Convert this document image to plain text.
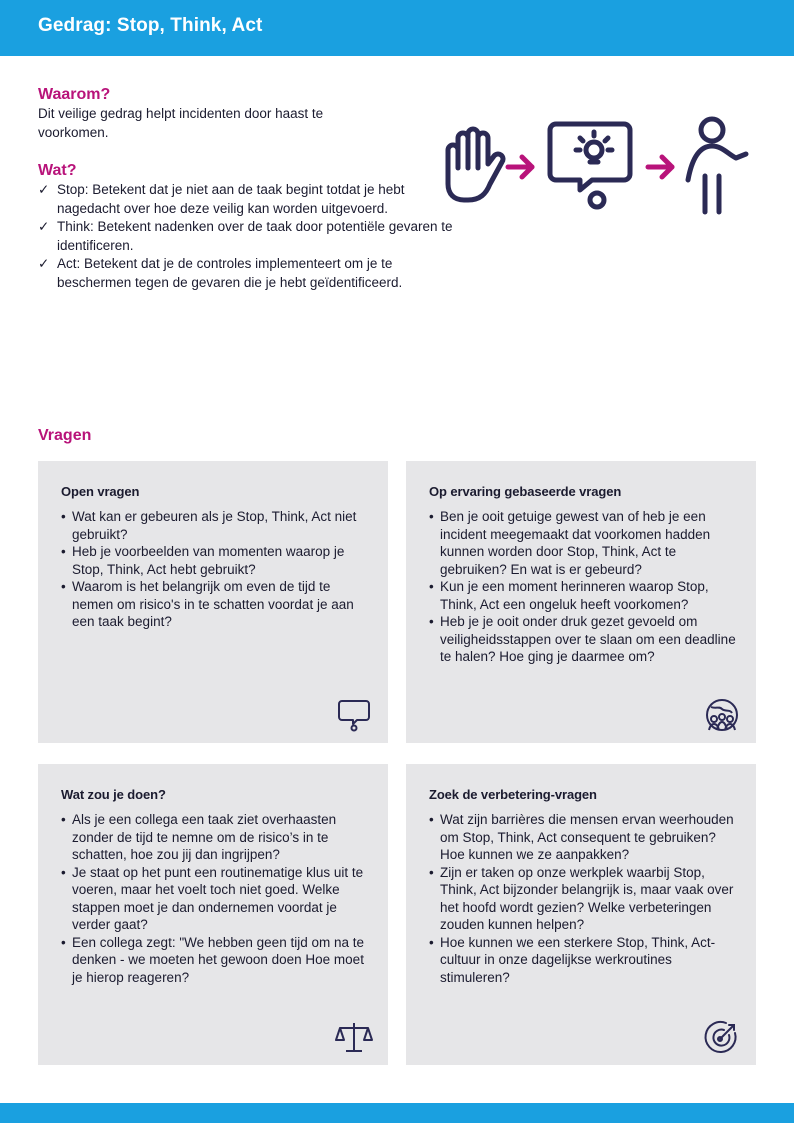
Gedrag: Stop, Think, Act
Waarom?

Dit veilige gedrag helpt incidenten door haast te voorkomen.

Wat?
✓ Stop: Betekent dat je niet aan de taak begint totdat je hebt nagedacht over hoe deze veilig kan worden uitgevoerd.
✓ Think: Betekent nadenken over de taak door potentiële gevaren te identificeren.
✓ Act: Betekent dat je de controles implementeert om je te beschermen tegen de gevaren die je hebt geïdentificeerd.
Vragen
Open vragen
• Wat kan er gebeuren als je Stop, Think, Act niet gebruikt?
• Heb je voorbeelden van momenten waarop je Stop, Think, Act hebt gebruikt?
• Waarom is het belangrijk om even de tijd te nemen om risico's in te schatten voordat je aan een taak begint?
Op ervaring gebaseerde vragen
• Ben je ooit getuige gewest van of heb je een incident meegemaakt dat voorkomen hadden kunnen worden door Stop, Think, Act te gebruiken? En wat is er gebeurd?
• Kun je een moment herinneren waarop Stop, Think, Act een ongeluk heeft voorkomen?
• Heb je je ooit onder druk gezet gevoeld om veiligheidsstappen over te slaan om een deadline te halen? Hoe ging je daarmee om?
Wat zou je doen?
• Als je een collega een taak ziet overhaasten zonder de tijd te nemne om de risico’s in te schatten, hoe zou jij dan ingrijpen?
• Je staat op het punt een routinematige klus uit te voeren, maar het voelt toch niet goed. Welke stappen moet je dan ondernemen voordat je verder gaat?
• Een collega zegt: "We hebben geen tijd om na te denken - we moeten het gewoon doen Hoe moet je hierop reageren?
Zoek de verbetering-vragen
• Wat zijn barrières die mensen ervan weerhouden om Stop, Think, Act consequent te gebruiken? Hoe kunnen we ze aanpakken?
• Zijn er taken op onze werkplek waarbij Stop, Think, Act bijzonder belangrijk is, maar vaak over het hoofd wordt gezien? Welke verbeteringen zouden kunnen helpen?
• Hoe kunnen we een sterkere Stop, Think, Act-cultuur in onze dagelijkse werkroutines stimuleren?
